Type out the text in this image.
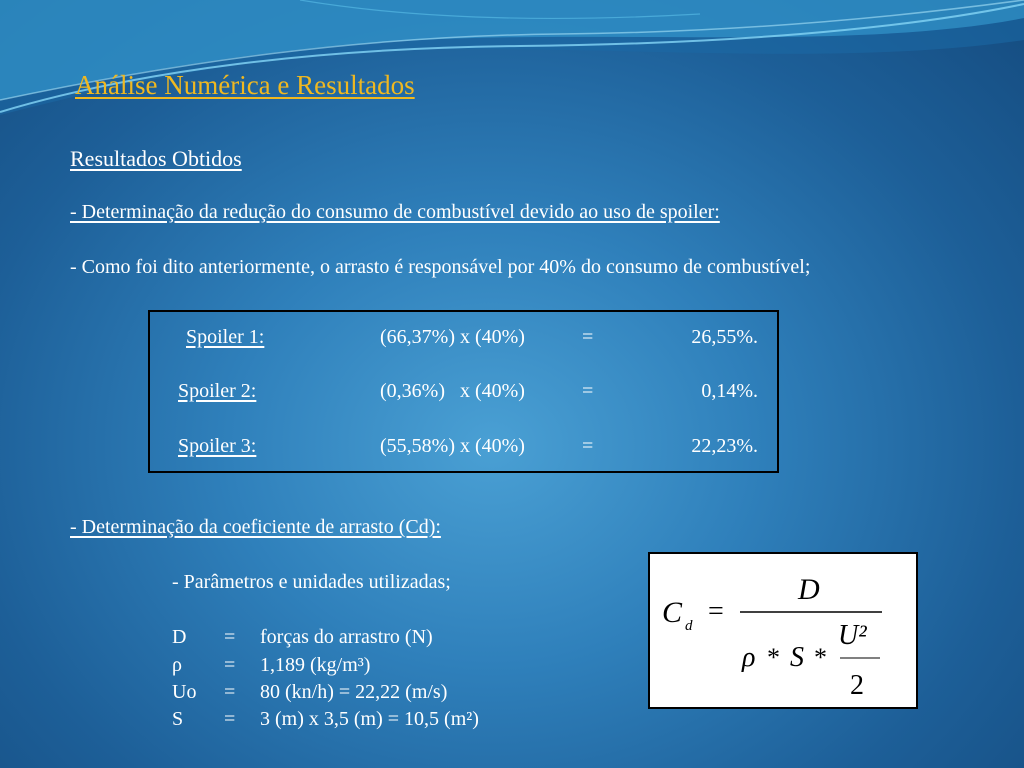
Análise Numérica e Resultados

Resultados Obtidos

- Determinação da redução do consumo de combustível devido ao uso de spoiler:

- Como foi dito anteriormente, o arrasto é responsável por 40% do consumo de combustível;

Spoiler 1:	(66,37%) x (40%)	=	26,55%.
Spoiler 2:	(0,36%)   x (40%)	=	0,14%.
Spoiler 3:	(55,58%) x (40%)	=	22,23%.

- Determinação da coeficiente de arrasto (Cd):

- Parâmetros e unidades utilizadas;

D = forças do arrastro (N)
ρ = 1,189 (kg/m³)
Uo = 80 (kn/h) = 22,22 (m/s)
S = 3 (m) x 3,5 (m) = 10,5 (m²)
C d =
D
ρ * S *
U²
2
